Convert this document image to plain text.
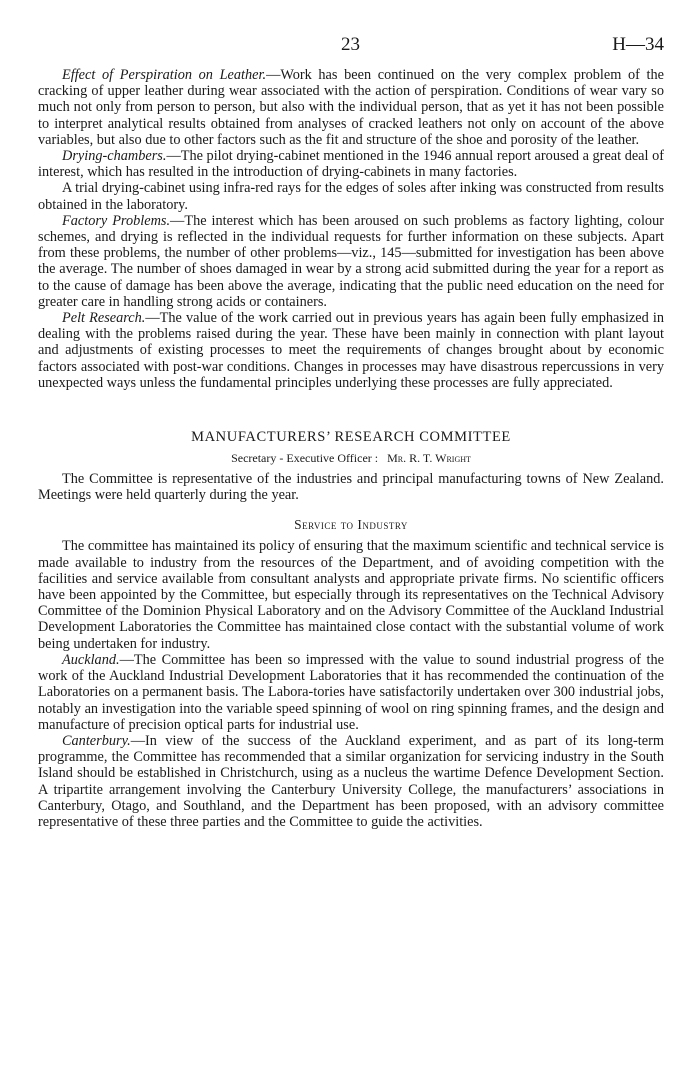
23	H—34

Effect of Perspiration on Leather.—Work has been continued on the very complex problem of the cracking of upper leather during wear associated with the action of perspiration. Conditions of wear vary so much not only from person to person, but also with the individual person, that as yet it has not been possible to interpret analytical results obtained from analyses of cracked leathers not only on account of the above variables, but also due to other factors such as the fit and structure of the shoe and porosity of the leather.

Drying-chambers.—The pilot drying-cabinet mentioned in the 1946 annual report aroused a great deal of interest, which has resulted in the introduction of drying-cabinets in many factories.

A trial drying-cabinet using infra-red rays for the edges of soles after inking was constructed from results obtained in the laboratory.

Factory Problems.—The interest which has been aroused on such problems as factory lighting, colour schemes, and drying is reflected in the individual requests for further information on these subjects. Apart from these problems, the number of other problems—viz., 145—submitted for investigation has been above the average. The number of shoes damaged in wear by a strong acid submitted during the year for a report as to the cause of damage has been above the average, indicating that the public need education on the need for greater care in handling strong acids or containers.

Pelt Research.—The value of the work carried out in previous years has again been fully emphasized in dealing with the problems raised during the year. These have been mainly in connection with plant layout and adjustments of existing processes to meet the requirements of changes brought about by economic factors associated with post-war conditions. Changes in processes may have disastrous repercussions in very unexpected ways unless the fundamental principles underlying these processes are fully appreciated.

MANUFACTURERS’ RESEARCH COMMITTEE
Secretary - Executive Officer : Mr. R. T. Wright

The Committee is representative of the industries and principal manufacturing towns of New Zealand. Meetings were held quarterly during the year.

Service to Industry

The committee has maintained its policy of ensuring that the maximum scientific and technical service is made available to industry from the resources of the Department, and of avoiding competition with the facilities and service available from consultant analysts and appropriate private firms. No scientific officers have been appointed by the Committee, but especially through its representatives on the Technical Advisory Committee of the Dominion Physical Laboratory and on the Advisory Committee of the Auckland Industrial Development Laboratories the Committee has maintained close contact with the substantial volume of work being undertaken for industry.

Auckland.—The Committee has been so impressed with the value to sound industrial progress of the work of the Auckland Industrial Development Laboratories that it has recommended the continuation of the Laboratories on a permanent basis. The Labora-tories have satisfactorily undertaken over 300 industrial jobs, notably an investigation into the variable speed spinning of wool on ring spinning frames, and the design and manufacture of precision optical parts for industrial use.

Canterbury.—In view of the success of the Auckland experiment, and as part of its long-term programme, the Committee has recommended that a similar organization for servicing industry in the South Island should be established in Christchurch, using as a nucleus the wartime Defence Development Section. A tripartite arrangement involving the Canterbury University College, the manufacturers’ associations in Canterbury, Otago, and Southland, and the Department has been proposed, with an advisory committee representative of these three parties and the Committee to guide the activities.
